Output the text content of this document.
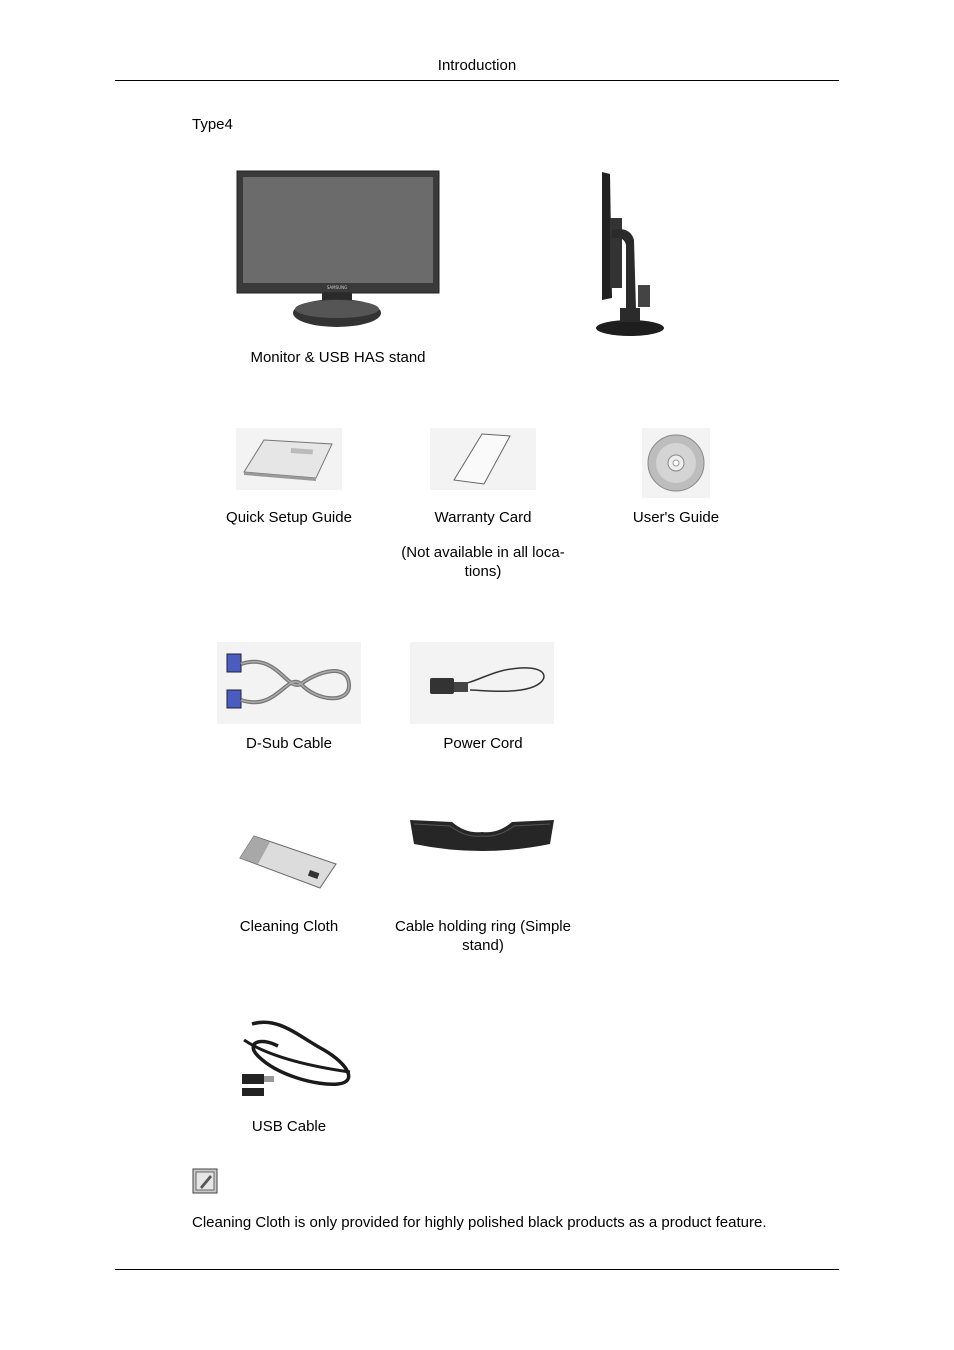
Introduction
Type4
SAMSUNG
Monitor & USB HAS stand
Quick Setup Guide	Warranty Card
(Not available in all loca-tions)
User's Guide
D-Sub Cable	Power Cord
Cleaning Cloth	Cable holding ring (Simple stand)
USB Cable
Cleaning Cloth is only provided for highly polished black products as a product feature.
